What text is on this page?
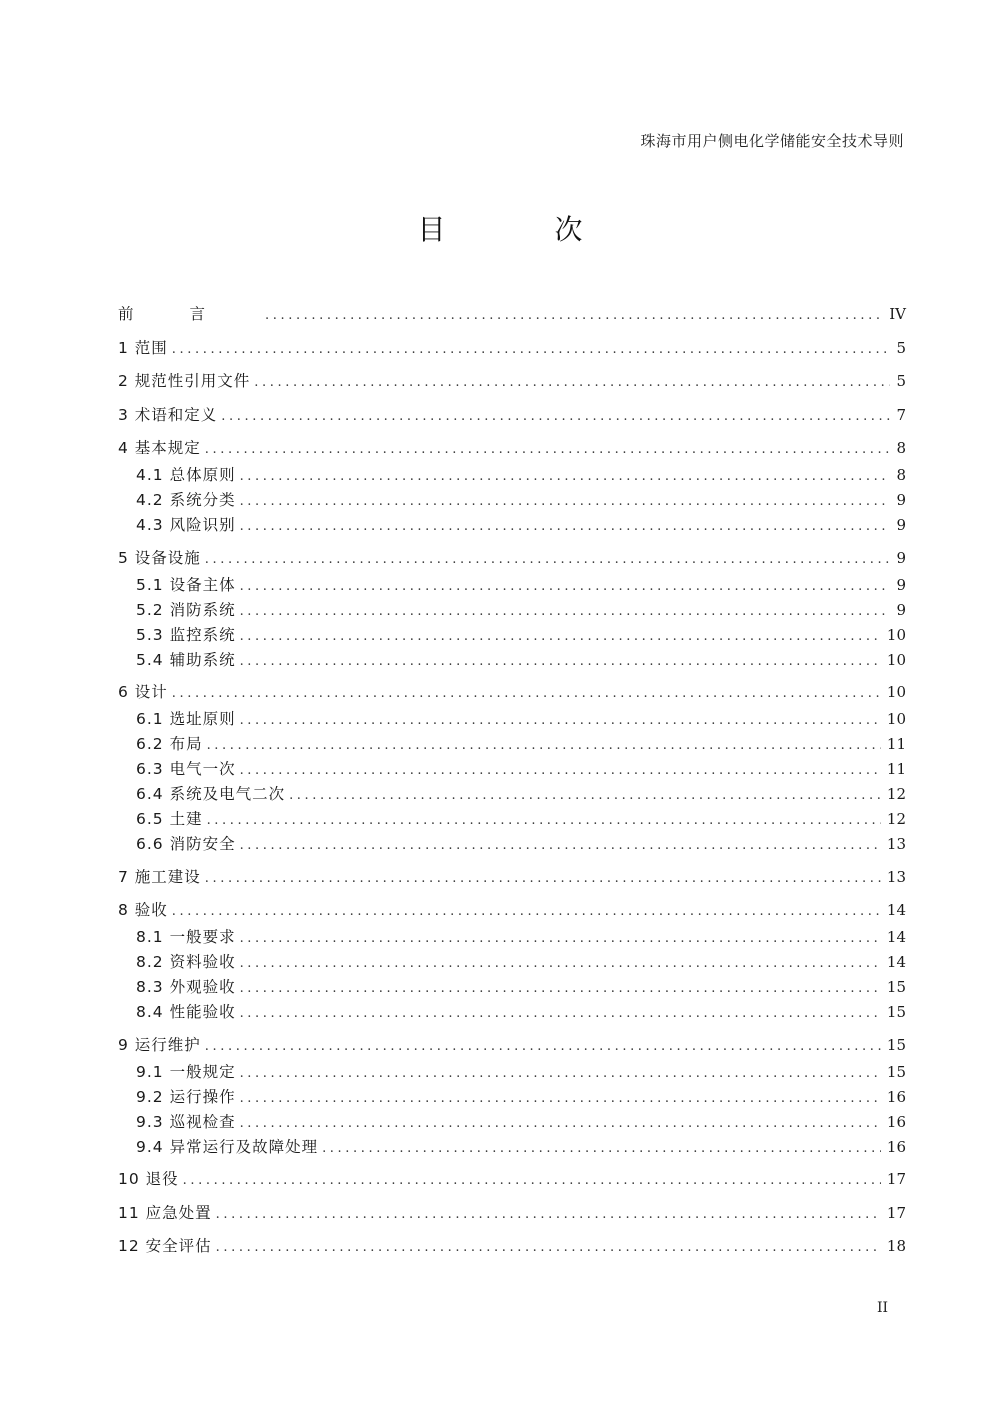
珠海市用户侧电化学储能安全技术导则
目 次
前言 .....	IV
1 范围 .....	5
2 规范性引用文件 .....	5
3 术语和定义 .....	7
4 基本规定 .....	8
4.1 总体原则 .....	8
4.2 系统分类 .....	9
4.3 风险识别 .....	9
5 设备设施 .....	9
5.1 设备主体 .....	9
5.2 消防系统 .....	9
5.3 监控系统 .....	10
5.4 辅助系统 .....	10
6 设计 .....	10
6.1 选址原则 .....	10
6.2 布局 .....	11
6.3 电气一次 .....	11
6.4 系统及电气二次 .....	12
6.5 土建 .....	12
6.6 消防安全 .....	13
7 施工建设 .....	13
8 验收 .....	14
8.1 一般要求 .....	14
8.2 资料验收 .....	14
8.3 外观验收 .....	15
8.4 性能验收 .....	15
9 运行维护 .....	15
9.1 一般规定 .....	15
9.2 运行操作 .....	16
9.3 巡视检查 .....	16
9.4 异常运行及故障处理 .....	16
10 退役 .....	17
11 应急处置 .....	17
12 安全评估 .....	18
II
